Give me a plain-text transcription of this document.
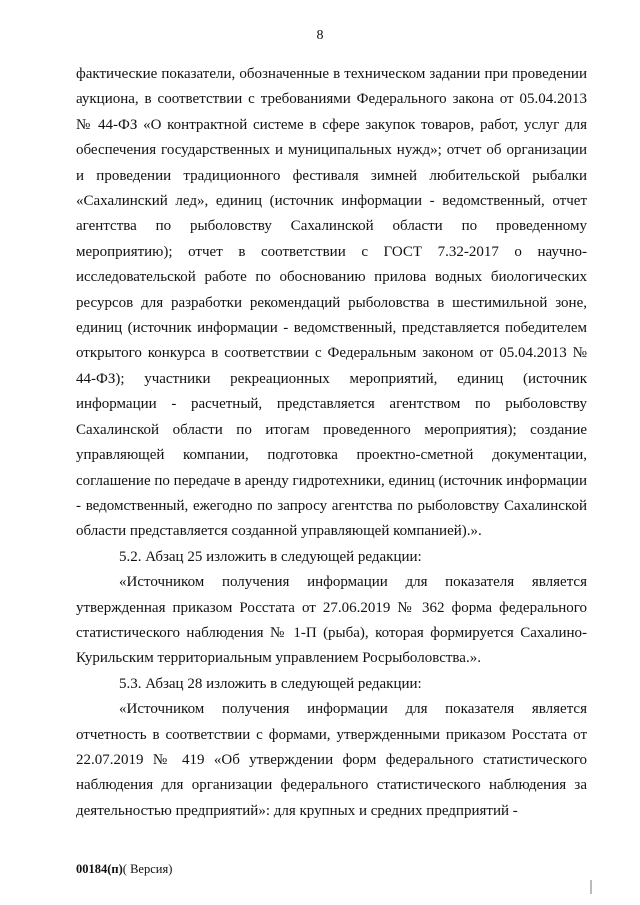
8

фактические показатели, обозначенные в техническом задании при проведении аукциона, в соответствии с требованиями Федерального закона от 05.04.2013 № 44-ФЗ «О контрактной системе в сфере закупок товаров, работ, услуг для обеспечения государственных и муниципальных нужд»; отчет об организации и проведении традиционного фестиваля зимней любительской рыбалки «Сахалинский лед», единиц (источник информации - ведомственный, отчет агентства по рыболовству Сахалинской области по проведенному мероприятию); отчет в соответствии с ГОСТ 7.32-2017 о научно-исследовательской работе по обоснованию прилова водных биологических ресурсов для разработки рекомендаций рыболовства в шестимильной зоне, единиц (источник информации - ведомственный, представляется победителем открытого конкурса в соответствии с Федеральным законом от 05.04.2013 № 44-ФЗ); участники рекреационных мероприятий, единиц (источник информации - расчетный, представляется агентством по рыболовству Сахалинской области по итогам проведенного мероприятия); создание управляющей компании, подготовка проектно-сметной документации, соглашение по передаче в аренду гидротехники, единиц (источник информации - ведомственный, ежегодно по запросу агентства по рыболовству Сахалинской области представляется созданной управляющей компанией).».

5.2. Абзац 25 изложить в следующей редакции:

«Источником получения информации для показателя является утвержденная приказом Росстата от 27.06.2019 № 362 форма федерального статистического наблюдения № 1-П (рыба), которая формируется Сахалино-Курильским территориальным управлением Росрыболовства.».

5.3. Абзац 28 изложить в следующей редакции:

«Источником получения информации для показателя является отчетность в соответствии с формами, утвержденными приказом Росстата от 22.07.2019 № 419 «Об утверждении форм федерального статистического наблюдения для организации федерального статистического наблюдения за деятельностью предприятий»: для крупных и средних предприятий -

00184(п)( Версия)
